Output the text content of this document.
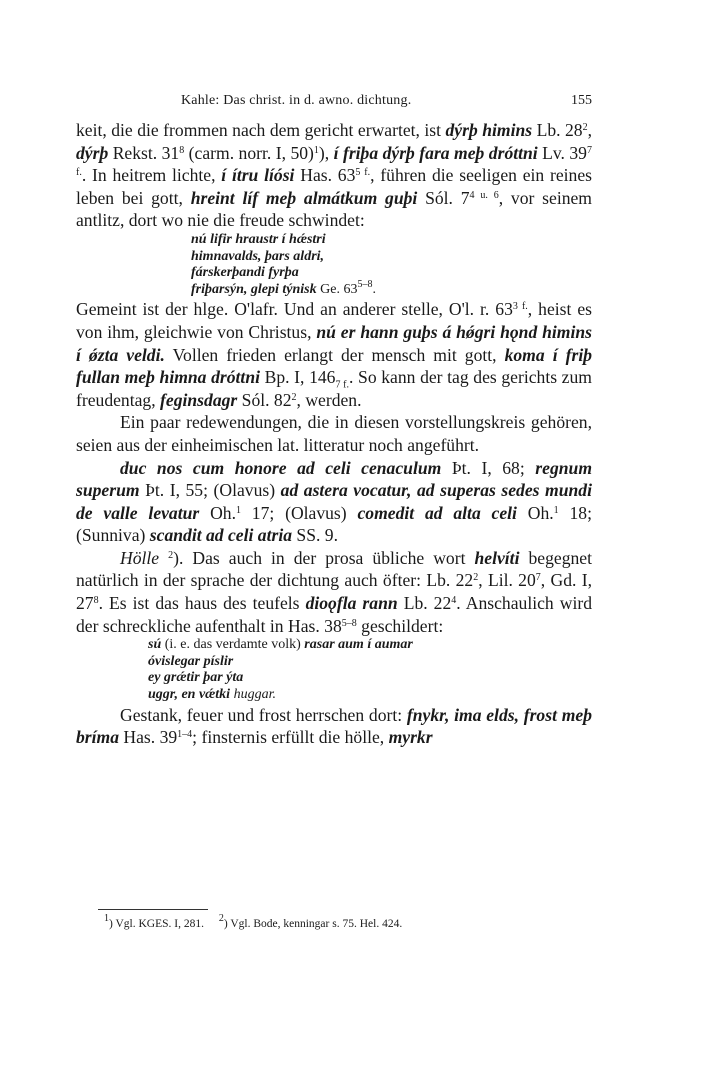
Kahle: Das christ. in d. awno. dichtung.	155

keit, die die frommen nach dem gericht erwartet, ist dýrþ himins Lb. $28^2$, dýrþ Rekst. $31^8$ (carm. norr. I, 50)$^1$), í friþa dýrþ fara meþ dróttni Lv. $39^{7 f.}$. In heitrem lichte, í ítru líósi Has. $63^{5 f.}$, führen die seeligen ein reines leben bei gott, hreint líf meþ almátkum guþi Sól. $7^{4 u. 6}$, vor seinem antlitz, dort wo nie die freude schwindet:

nú lifir hraustr í hǽstri
himnavalds, þars aldri,
fárskerþandi fyrþa
friþarsýn, glepi týnisk Ge. 63$^{5-8}$.

Gemeint ist der hlge. O'lafr. Und an anderer stelle, O'l. r. $63^{3 f.}$, heist es von ihm, gleichwie von Christus, nú er hann guþs á hǿgri hǫnd himins í ǿzta veldi. Vollen frieden erlangt der mensch mit gott, koma í friþ fullan meþ himna dróttni Bp. I, $146_{7 f.}$. So kann der tag des gerichts zum freudentag, feginsdagr Sól. $82^2$, werden.

Ein paar redewendungen, die in diesen vorstellungskreis gehören, seien aus der einheimischen lat. litteratur noch angeführt.

duc nos cum honore ad celi cenaculum Þt. I, 68; regnum superum Þt. I, 55; (Olavus) ad astera vocatur, ad superas sedes mundi de valle levatur Oh.$^1$ 17; (Olavus) comedit ad alta celi Oh.$^1$ 18; (Sunniva) scandit ad celi atria SS. 9.

Hölle $^2$). Das auch in der prosa übliche wort helvíti begegnet natürlich in der sprache der dichtung auch öfter: Lb. $22^2$, Lil. $20^7$, Gd. I, $27^8$. Es ist das haus des teufels dioǫfla rann Lb. $22^4$. Anschaulich wird der schreckliche aufenthalt in Has. 38$^{5-8}$ geschildert:

sú (i. e. das verdamte volk) rasar aum í aumar
óvislegar píslir
ey grǽtir þar ýta
uggr, en vǽtki huggar.

Gestank, feuer und frost herrschen dort: fnykr, ima elds, frost meþ bríma Has. 39$^{1-4}$; finsternis erfüllt die hölle, myrkr

$^1$) Vgl. KGES. I, 281. $^2$) Vgl. Bode, kenningar s. 75. Hel. 424.
